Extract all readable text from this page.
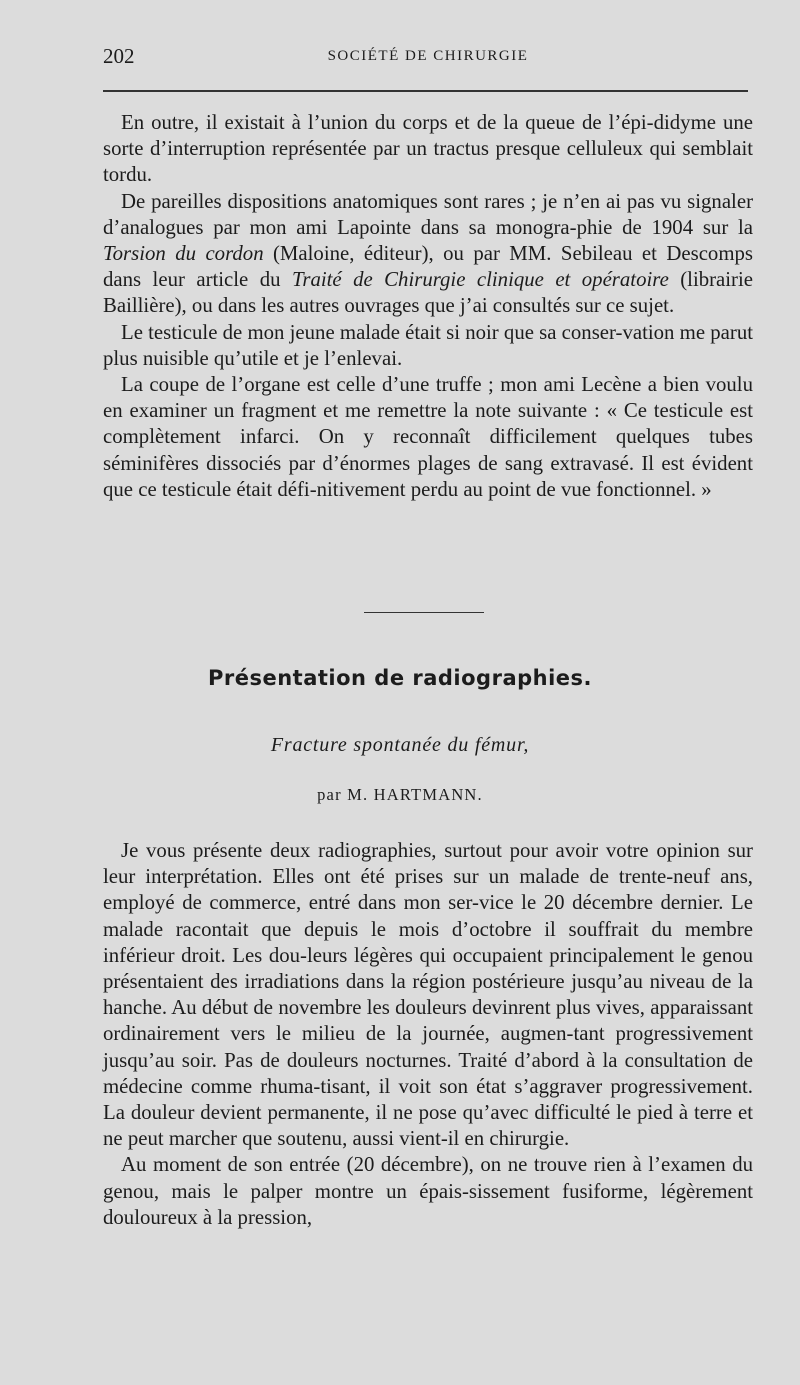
202	SOCIÉTÉ DE CHIRURGIE

En outre, il existait à l’union du corps et de la queue de l’épi-didyme une sorte d’interruption représentée par un tractus presque celluleux qui semblait tordu.

De pareilles dispositions anatomiques sont rares ; je n’en ai pas vu signaler d’analogues par mon ami Lapointe dans sa monogra-phie de 1904 sur la Torsion du cordon (Maloine, éditeur), ou par MM. Sebileau et Descomps dans leur article du Traité de Chirurgie clinique et opératoire (librairie Baillière), ou dans les autres ouvrages que j’ai consultés sur ce sujet.

Le testicule de mon jeune malade était si noir que sa conser-vation me parut plus nuisible qu’utile et je l’enlevai.

La coupe de l’organe est celle d’une truffe ; mon ami Lecène a bien voulu en examiner un fragment et me remettre la note suivante : « Ce testicule est complètement infarci. On y reconnaît difficilement quelques tubes séminifères dissociés par d’énormes plages de sang extravasé. Il est évident que ce testicule était défi-nitivement perdu au point de vue fonctionnel. »

Présentation de radiographies.
Fracture spontanée du fémur,
par M. HARTMANN.

Je vous présente deux radiographies, surtout pour avoir votre opinion sur leur interprétation. Elles ont été prises sur un malade de trente-neuf ans, employé de commerce, entré dans mon ser-vice le 20 décembre dernier. Le malade racontait que depuis le mois d’octobre il souffrait du membre inférieur droit. Les dou-leurs légères qui occupaient principalement le genou présentaient des irradiations dans la région postérieure jusqu’au niveau de la hanche. Au début de novembre les douleurs devinrent plus vives, apparaissant ordinairement vers le milieu de la journée, augmen-tant progressivement jusqu’au soir. Pas de douleurs nocturnes. Traité d’abord à la consultation de médecine comme rhuma-tisant, il voit son état s’aggraver progressivement. La douleur devient permanente, il ne pose qu’avec difficulté le pied à terre et ne peut marcher que soutenu, aussi vient-il en chirurgie.

Au moment de son entrée (20 décembre), on ne trouve rien à l’examen du genou, mais le palper montre un épais-sissement fusiforme, légèrement douloureux à la pression,
